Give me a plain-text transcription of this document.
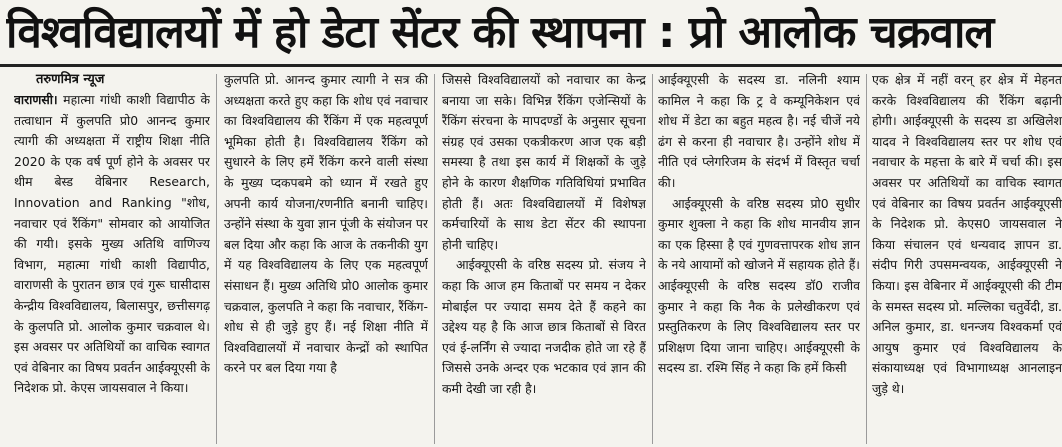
विश्वविद्यालयों में हो डेटा सेंटर की स्थापना : प्रो आलोक चक्रवाल
तरुणमित्र न्यूज

वाराणसी। महात्मा गांधी काशी विद्यापीठ के तत्वाधान में कुलपति प्रो0 आनन्द कुमार त्यागी की अध्यक्षता में राष्ट्रीय शिक्षा नीति 2020 के एक वर्ष पूर्ण होने के अवसर पर थीम बेस्ड वेबिनार Research, Innovation and Ranking "शोध, नवाचार एवं रैंकिंग" सोमवार को आयोजित की गयी। इसके मुख्य अतिथि वाणिज्य विभाग, महात्मा गांधी काशी विद्यापीठ, वाराणसी के पुरातन छात्र एवं गुरू घासीदास केन्द्रीय विश्वविद्यालय, बिलासपुर, छत्तीसगढ़ के कुलपति प्रो. आलोक कुमार चक्रवाल थे। इस अवसर पर अतिथियों का वाचिक स्वागत एवं वेबिनार का विषय प्रवर्तन आईक्यूएसी के निदेशक प्रो. केएस जायसवाल ने किया।

कुलपति प्रो. आनन्द कुमार त्यागी ने सत्र की अध्यक्षता करते हुए कहा कि शोध एवं नवाचार का विश्वविद्यालय की रैंकिंग में एक महत्वपूर्ण भूमिका होती है। विश्वविद्यालय रैंकिंग को सुधारने के लिए हमें रैंकिंग करने वाली संस्था के मुख्य प्दकपबमे को ध्यान में रखते हुए अपनी कार्य योजना/रणनीति बनानी चाहिए। उन्होंने संस्था के युवा ज्ञान पूंजी के संयोजन पर बल दिया और कहा कि आज के तकनीकी युग में यह विश्वविद्यालय के लिए एक महत्वपूर्ण संसाधन हैं। मुख्य अतिथि प्रो0 आलोक कुमार चक्रवाल, कुलपति ने कहा कि नवाचार, रैंकिंग-शोध से ही जुड़े हुए हैं। नई शिक्षा नीति में विश्वविद्यालयों में नवाचार केन्द्रों को स्थापित करने पर बल दिया गया है

जिससे विश्वविद्यालयों को नवाचार का केन्द्र बनाया जा सके। विभिन्न रैंकिंग एजेन्सियों के रैंकिंग संरचना के मापदण्डों के अनुसार सूचना संग्रह एवं उसका एकत्रीकरण आज एक बड़ी समस्या है तथा इस कार्य में शिक्षकों के जुड़े होने के कारण शैक्षणिक गतिविधियां प्रभावित होती हैं। अतः विश्वविद्यालयों में विशेषज्ञ कर्मचारियों के साथ डेटा सेंटर की स्थापना होनी चाहिए।

आईक्यूएसी के वरिष्ठ सदस्य प्रो. संजय ने कहा कि आज हम किताबों पर समय न देकर मोबाईल पर ज्यादा समय देते हैं कहने का उद्देश्य यह है कि आज छात्र किताबों से विरत एवं ई-लर्निंग से ज्यादा नजदीक होते जा रहे हैं जिससे उनके अन्दर एक भटकाव एवं ज्ञान की कमी देखी जा रही है।

आईक्यूएसी के सदस्य डा. नलिनी श्याम कामिल ने कहा कि ट्र वे कम्यूनिकेशन एवं शोध में डेटा का बहुत महत्व है। नई चीजें नये ढंग से करना ही नवाचार है। उन्होंने शोध में नीति एवं प्लेगरिजम के संदर्भ में विस्तृत चर्चा की।

आईक्यूएसी के वरिष्ठ सदस्य प्रो0 सुधीर कुमार शुक्ला ने कहा कि शोध मानवीय ज्ञान का एक हिस्सा है एवं गुणवत्तापरक शोध ज्ञान के नये आयामों को खोजने में सहायक होते हैं। आईक्यूएसी के वरिष्ठ सदस्य डॉ0 राजीव कुमार ने कहा कि नैक के प्रलेखीकरण एवं प्रस्तुतिकरण के लिए विश्वविद्यालय स्तर पर प्रशिक्षण दिया जाना चाहिए। आईक्यूएसी के सदस्य डा. रश्मि सिंह ने कहा कि हमें किसी

एक क्षेत्र में नहीं वरन् हर क्षेत्र में मेहनत करके विश्वविद्यालय की रैंकिंग बढ़ानी होगी। आईक्यूएसी के सदस्य डा अखिलेश यादव ने विश्वविद्यालय स्तर पर शोध एवं नवाचार के महत्ता के बारे में चर्चा की। इस अवसर पर अतिथियों का वाचिक स्वागत एवं वेबिनार का विषय प्रवर्तन आईक्यूएसी के निदेशक प्रो. केएस0 जायसवाल ने किया संचालन एवं धन्यवाद ज्ञापन डा. संदीप गिरी उपसमन्वयक, आईक्यूएसी ने किया। इस वेबिनार में आईक्यूएसी की टीम के समस्त सदस्य प्रो. मल्लिका चतुर्वेदी, डा. अनिल कुमार, डा. धनन्जय विश्वकर्मा एवं आयुष कुमार एवं विश्वविद्यालय के संकायाध्यक्ष एवं विभागाध्यक्ष आनलाइन जुड़े थे।
